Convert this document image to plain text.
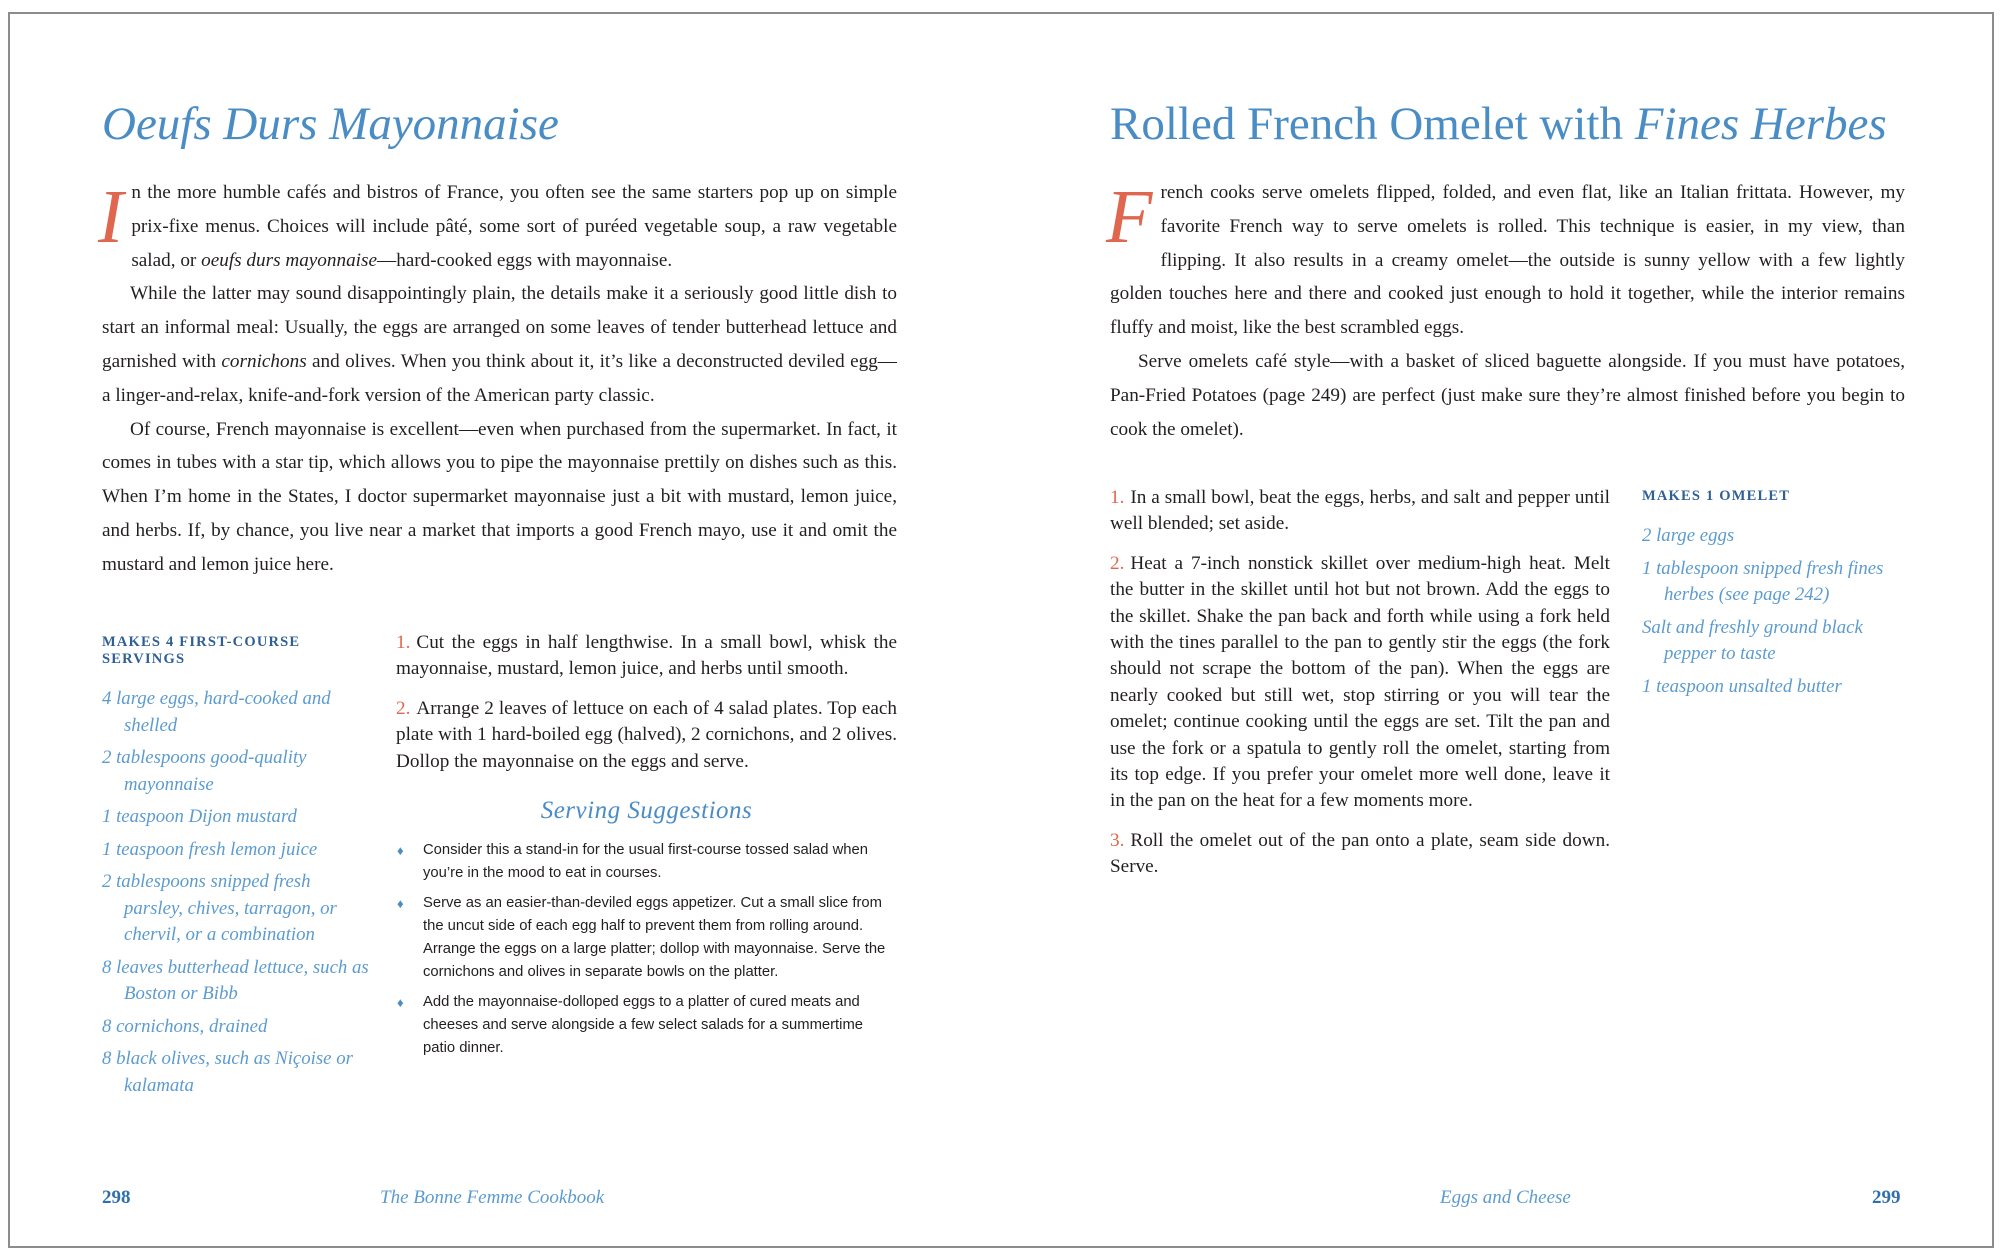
Oeufs Durs Mayonnaise

In the more humble cafés and bistros of France, you often see the same starters pop up on simple prix-fixe menus. Choices will include pâté, some sort of puréed vegetable soup, a raw vegetable salad, or oeufs durs mayonnaise—hard-cooked eggs with mayonnaise.

While the latter may sound disappointingly plain, the details make it a seriously good little dish to start an informal meal: Usually, the eggs are arranged on some leaves of tender butterhead lettuce and garnished with cornichons and olives. When you think about it, it’s like a deconstructed deviled egg—a linger-and-relax, knife-and-fork version of the American party classic.

Of course, French mayonnaise is excellent—even when purchased from the supermarket. In fact, it comes in tubes with a star tip, which allows you to pipe the mayonnaise prettily on dishes such as this. When I’m home in the States, I doctor supermarket mayonnaise just a bit with mustard, lemon juice, and herbs. If, by chance, you live near a market that imports a good French mayo, use it and omit the mustard and lemon juice here.

MAKES 4 FIRST-COURSE SERVINGS
4 large eggs, hard-cooked and shelled
2 tablespoons good-quality mayonnaise
1 teaspoon Dijon mustard
1 teaspoon fresh lemon juice
2 tablespoons snipped fresh parsley, chives, tarragon, or chervil, or a combination
8 leaves butterhead lettuce, such as Boston or Bibb
8 cornichons, drained
8 black olives, such as Niçoise or kalamata
1. Cut the eggs in half lengthwise. In a small bowl, whisk the mayonnaise, mustard, lemon juice, and herbs until smooth.
2. Arrange 2 leaves of lettuce on each of 4 salad plates. Top each plate with 1 hard-boiled egg (halved), 2 cornichons, and 2 olives. Dollop the mayonnaise on the eggs and serve.
Serving Suggestions
♦ Consider this a stand-in for the usual first-course tossed salad when you’re in the mood to eat in courses.
♦ Serve as an easier-than-deviled eggs appetizer. Cut a small slice from the uncut side of each egg half to prevent them from rolling around. Arrange the eggs on a large platter; dollop with mayonnaise. Serve the cornichons and olives in separate bowls on the platter.
♦ Add the mayonnaise-dolloped eggs to a platter of cured meats and cheeses and serve alongside a few select salads for a summertime patio dinner.
298	The Bonne Femme Cookbook
Rolled French Omelet with Fines Herbes

French cooks serve omelets flipped, folded, and even flat, like an Italian frittata. However, my favorite French way to serve omelets is rolled. This technique is easier, in my view, than flipping. It also results in a creamy omelet—the outside is sunny yellow with a few lightly golden touches here and there and cooked just enough to hold it together, while the interior remains fluffy and moist, like the best scrambled eggs.

Serve omelets café style—with a basket of sliced baguette alongside. If you must have potatoes, Pan-Fried Potatoes (page 249) are perfect (just make sure they’re almost finished before you begin to cook the omelet).

1. In a small bowl, beat the eggs, herbs, and salt and pepper until well blended; set aside.
2. Heat a 7-inch nonstick skillet over medium-high heat. Melt the butter in the skillet until hot but not brown. Add the eggs to the skillet. Shake the pan back and forth while using a fork held with the tines parallel to the pan to gently stir the eggs (the fork should not scrape the bottom of the pan). When the eggs are nearly cooked but still wet, stop stirring or you will tear the omelet; continue cooking until the eggs are set. Tilt the pan and use the fork or a spatula to gently roll the omelet, starting from its top edge. If you prefer your omelet more well done, leave it in the pan on the heat for a few moments more.
3. Roll the omelet out of the pan onto a plate, seam side down. Serve.
MAKES 1 OMELET
2 large eggs
1 tablespoon snipped fresh fines herbes (see page 242)
Salt and freshly ground black pepper to taste
1 teaspoon unsalted butter
Eggs and Cheese	299
